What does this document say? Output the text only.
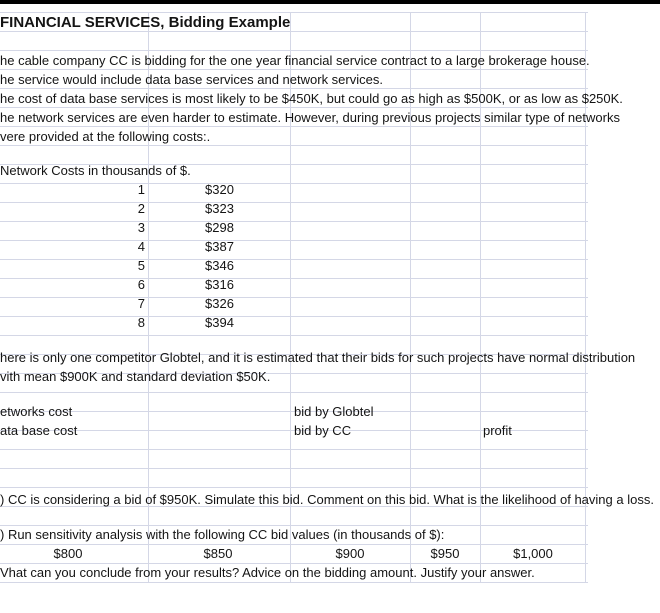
FINANCIAL SERVICES, Bidding Example
he cable company CC is bidding for the one year financial service contract to a large brokerage house.
he service would include data base services and network services.
he cost of data base services is most likely to be $450K, but could go as high as $500K, or as low as $250K.
he network services are even harder to estimate. However, during previous projects similar type of networks
vere provided at the following costs:.
Network Costs in thousands of $.
1	$320
2	$323
3	$298
4	$387
5	$346
6	$316
7	$326
8	$394
here is only one competitor Globtel, and it is estimated that their bids for such projects have normal distribution
vith mean $900K and standard deviation $50K.
etworks cost	bid by Globtel
ata base cost	bid by CC	profit
) CC is considering a bid of $950K. Simulate this bid. Comment on this bid. What is the likelihood of having a loss.
) Run sensitivity analysis with the following CC bid values (in thousands of $):
$800	$850	$900	$950	$1,000
Vhat can you conclude from your results? Advice on the bidding amount. Justify your answer.
